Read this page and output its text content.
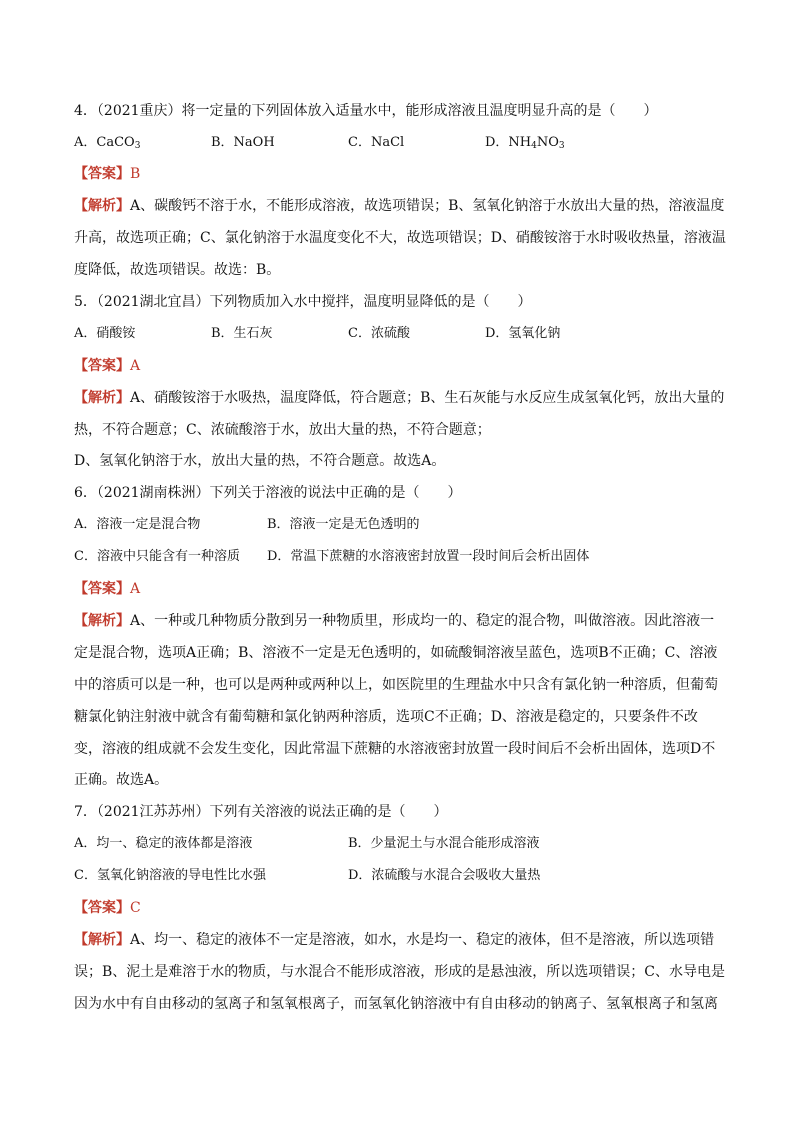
4．（2021重庆）将一定量的下列固体放入适量水中，能形成溶液且温度明显升高的是（　　）
A．CaCO$_3$	B．NaOH	C．NaCl	D．$NH_4NO_3$
【答案】B
【解析】A、碳酸钙不溶于水，不能形成溶液，故选项错误；B、氢氧化钠溶于水放出大量的热，溶液温度
升高，故选项正确；C、氯化钠溶于水温度变化不大，故选项错误；D、硝酸铵溶于水时吸收热量，溶液温
度降低，故选项错误。故选：B。
5．（2021湖北宜昌）下列物质加入水中搅拌，温度明显降低的是（　　）
A．硝酸铵	B．生石灰	C．浓硫酸	D．氢氧化钠
【答案】A
【解析】A、硝酸铵溶于水吸热，温度降低，符合题意；B、生石灰能与水反应生成氢氧化钙，放出大量的
热，不符合题意；C、浓硫酸溶于水，放出大量的热，不符合题意；
D、氢氧化钠溶于水，放出大量的热，不符合题意。故选A。
6．（2021湖南株洲）下列关于溶液的说法中正确的是（　　）
A．溶液一定是混合物	B．溶液一定是无色透明的
C．溶液中只能含有一种溶质 D．常温下蔗糖的水溶液密封放置一段时间后会析出固体
【答案】A
【解析】A、一种或几种物质分散到另一种物质里，形成均一的、稳定的混合物，叫做溶液。因此溶液一
定是混合物，选项A正确；B、溶液不一定是无色透明的，如硫酸铜溶液呈蓝色，选项B不正确；C、溶液
中的溶质可以是一种，也可以是两种或两种以上，如医院里的生理盐水中只含有氯化钠一种溶质，但葡萄
糖氯化钠注射液中就含有葡萄糖和氯化钠两种溶质，选项C不正确；D、溶液是稳定的，只要条件不改
变，溶液的组成就不会发生变化，因此常温下蔗糖的水溶液密封放置一段时间后不会析出固体，选项D不
正确。故选A。
7．（2021江苏苏州）下列有关溶液的说法正确的是（　　）
A．均一、稳定的液体都是溶液	B．少量泥土与水混合能形成溶液
C．氢氧化钠溶液的导电性比水强	D．浓硫酸与水混合会吸收大量热
【答案】C
【解析】A、均一、稳定的液体不一定是溶液，如水，水是均一、稳定的液体，但不是溶液，所以选项错
误；B、泥土是难溶于水的物质，与水混合不能形成溶液，形成的是悬浊液，所以选项错误；C、水导电是
因为水中有自由移动的氢离子和氢氧根离子，而氢氧化钠溶液中有自由移动的钠离子、氢氧根离子和氢离
